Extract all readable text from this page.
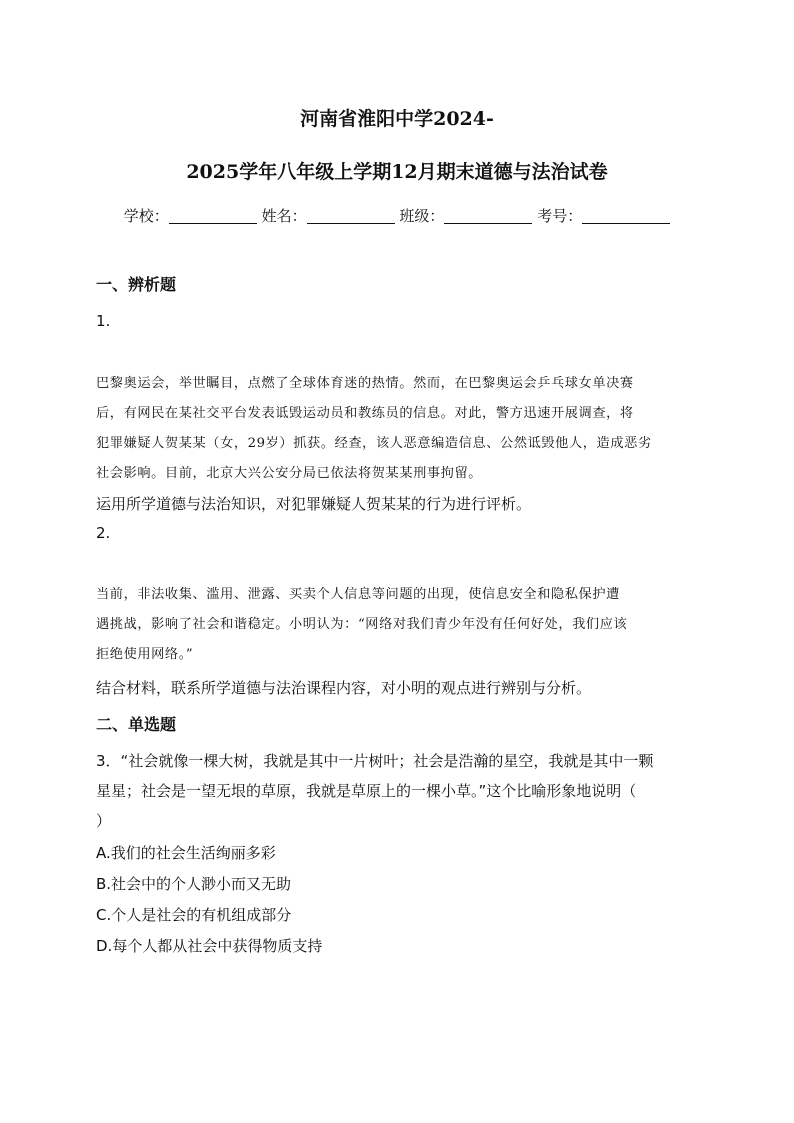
河南省淮阳中学2024-
2025学年八年级上学期12月期末道德与法治试卷
学校：	姓名：	班级：	考号：
一、辨析题
1.
巴黎奥运会，举世瞩目，点燃了全球体育迷的热情。然而，在巴黎奥运会乒乓球女单决赛
后，有网民在某社交平台发表诋毁运动员和教练员的信息。对此，警方迅速开展调查，将
犯罪嫌疑人贺某某（女，29岁）抓获。经查，该人恶意编造信息、公然诋毁他人，造成恶劣
社会影响。目前，北京大兴公安分局已依法将贺某某刑事拘留。
运用所学道德与法治知识，对犯罪嫌疑人贺某某的行为进行评析。
2.
当前，非法收集、滥用、泄露、买卖个人信息等问题的出现，使信息安全和隐私保护遭
遇挑战，影响了社会和谐稳定。小明认为：“网络对我们青少年没有任何好处，我们应该
拒绝使用网络。”
结合材料，联系所学道德与法治课程内容，对小明的观点进行辨别与分析。
二、单选题
3．“社会就像一棵大树，我就是其中一片树叶；社会是浩瀚的星空，我就是其中一颗
星星；社会是一望无垠的草原，我就是草原上的一棵小草。”这个比喻形象地说明（
）
A.我们的社会生活绚丽多彩
B.社会中的个人渺小而又无助
C.个人是社会的有机组成部分
D.每个人都从社会中获得物质支持
